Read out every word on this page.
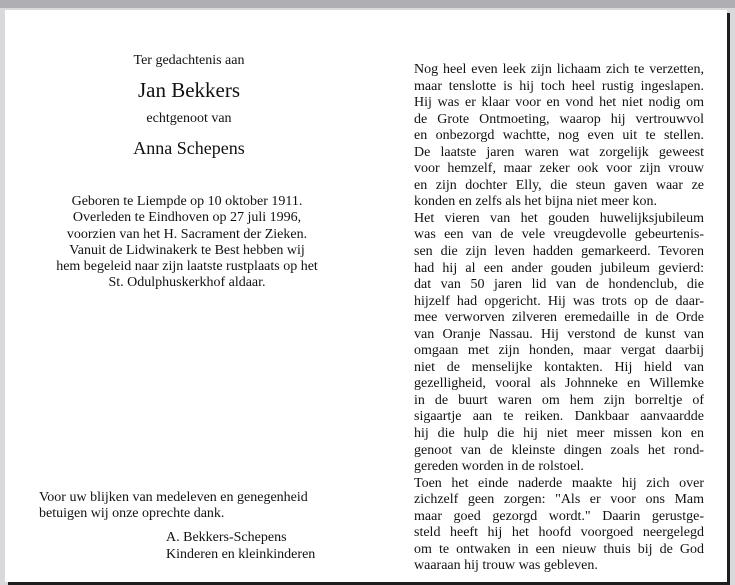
Ter gedachtenis aan
Jan Bekkers
echtgenoot van
Anna Schepens
Geboren te Liempde op 10 oktober 1911.
Overleden te Eindhoven op 27 juli 1996,
voorzien van het H. Sacrament der Zieken.
Vanuit de Lidwinakerk te Best hebben wij
hem begeleid naar zijn laatste rustplaats op het
St. Odulphuskerkhof aldaar.
Voor uw blijken van medeleven en genegenheid
betuigen wij onze oprechte dank.
A. Bekkers-Schepens
Kinderen en kleinkinderen
Nog heel even leek zijn lichaam zich te verzetten,
maar tenslotte is hij toch heel rustig ingeslapen.
Hij was er klaar voor en vond het niet nodig om
de Grote Ontmoeting, waarop hij vertrouwvol
en onbezorgd wachtte, nog even uit te stellen.
De laatste jaren waren wat zorgelijk geweest
voor hemzelf, maar zeker ook voor zijn vrouw
en zijn dochter Elly, die steun gaven waar ze
konden en zelfs als het bijna niet meer kon.
Het vieren van het gouden huwelijksjubileum
was een van de vele vreugdevolle gebeurtenis-
sen die zijn leven hadden gemarkeerd. Tevoren
had hij al een ander gouden jubileum gevierd:
dat van 50 jaren lid van de hondenclub, die
hijzelf had opgericht. Hij was trots op de daar-
mee verworven zilveren eremedaille in de Orde
van Oranje Nassau. Hij verstond de kunst van
omgaan met zijn honden, maar vergat daarbij
niet de menselijke kontakten. Hij hield van
gezelligheid, vooral als Johnneke en Willemke
in de buurt waren om hem zijn borreltje of
sigaartje aan te reiken. Dankbaar aanvaardde
hij die hulp die hij niet meer missen kon en
genoot van de kleinste dingen zoals het rond-
gereden worden in de rolstoel.
Toen het einde naderde maakte hij zich over
zichzelf geen zorgen: "Als er voor ons Mam
maar goed gezorgd wordt." Daarin gerustge-
steld heeft hij het hoofd voorgoed neergelegd
om te ontwaken in een nieuw thuis bij de God
waaraan hij trouw was gebleven.
